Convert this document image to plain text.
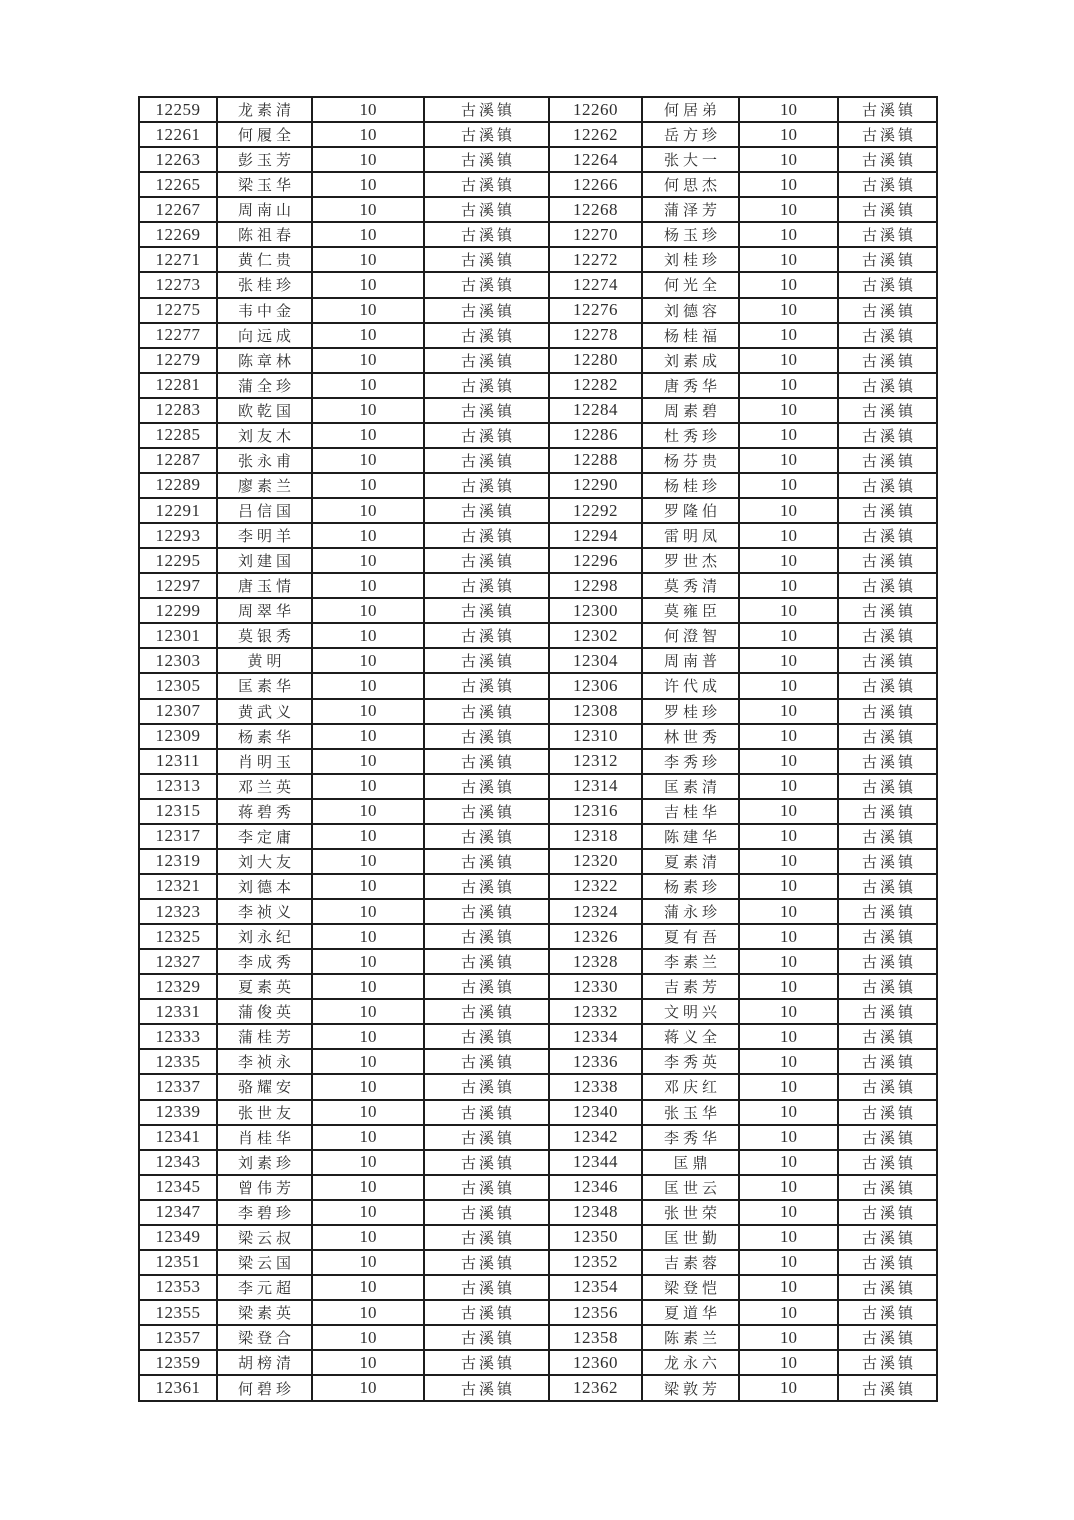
12259	龙素清	10	古溪镇	12260	何居弟	10	古溪镇
12261	何履全	10	古溪镇	12262	岳方珍	10	古溪镇
12263	彭玉芳	10	古溪镇	12264	张大一	10	古溪镇
12265	梁玉华	10	古溪镇	12266	何思杰	10	古溪镇
12267	周南山	10	古溪镇	12268	蒲泽芳	10	古溪镇
12269	陈祖春	10	古溪镇	12270	杨玉珍	10	古溪镇
12271	黄仁贵	10	古溪镇	12272	刘桂珍	10	古溪镇
12273	张桂珍	10	古溪镇	12274	何光全	10	古溪镇
12275	韦中金	10	古溪镇	12276	刘德容	10	古溪镇
12277	向远成	10	古溪镇	12278	杨桂福	10	古溪镇
12279	陈章林	10	古溪镇	12280	刘素成	10	古溪镇
12281	蒲全珍	10	古溪镇	12282	唐秀华	10	古溪镇
12283	欧乾国	10	古溪镇	12284	周素碧	10	古溪镇
12285	刘友木	10	古溪镇	12286	杜秀珍	10	古溪镇
12287	张永甫	10	古溪镇	12288	杨芬贵	10	古溪镇
12289	廖素兰	10	古溪镇	12290	杨桂珍	10	古溪镇
12291	吕信国	10	古溪镇	12292	罗隆伯	10	古溪镇
12293	李明羊	10	古溪镇	12294	雷明凤	10	古溪镇
12295	刘建国	10	古溪镇	12296	罗世杰	10	古溪镇
12297	唐玉情	10	古溪镇	12298	莫秀清	10	古溪镇
12299	周翠华	10	古溪镇	12300	莫雍臣	10	古溪镇
12301	莫银秀	10	古溪镇	12302	何澄智	10	古溪镇
12303	黄明	10	古溪镇	12304	周南普	10	古溪镇
12305	匡素华	10	古溪镇	12306	许代成	10	古溪镇
12307	黄武义	10	古溪镇	12308	罗桂珍	10	古溪镇
12309	杨素华	10	古溪镇	12310	林世秀	10	古溪镇
12311	肖明玉	10	古溪镇	12312	李秀珍	10	古溪镇
12313	邓兰英	10	古溪镇	12314	匡素清	10	古溪镇
12315	蒋碧秀	10	古溪镇	12316	吉桂华	10	古溪镇
12317	李定庸	10	古溪镇	12318	陈建华	10	古溪镇
12319	刘大友	10	古溪镇	12320	夏素清	10	古溪镇
12321	刘德本	10	古溪镇	12322	杨素珍	10	古溪镇
12323	李祯义	10	古溪镇	12324	蒲永珍	10	古溪镇
12325	刘永纪	10	古溪镇	12326	夏有吾	10	古溪镇
12327	李成秀	10	古溪镇	12328	李素兰	10	古溪镇
12329	夏素英	10	古溪镇	12330	吉素芳	10	古溪镇
12331	蒲俊英	10	古溪镇	12332	文明兴	10	古溪镇
12333	蒲桂芳	10	古溪镇	12334	蒋义全	10	古溪镇
12335	李祯永	10	古溪镇	12336	李秀英	10	古溪镇
12337	骆耀安	10	古溪镇	12338	邓庆红	10	古溪镇
12339	张世友	10	古溪镇	12340	张玉华	10	古溪镇
12341	肖桂华	10	古溪镇	12342	李秀华	10	古溪镇
12343	刘素珍	10	古溪镇	12344	匡鼎	10	古溪镇
12345	曾伟芳	10	古溪镇	12346	匡世云	10	古溪镇
12347	李碧珍	10	古溪镇	12348	张世荣	10	古溪镇
12349	梁云叔	10	古溪镇	12350	匡世勤	10	古溪镇
12351	梁云国	10	古溪镇	12352	吉素蓉	10	古溪镇
12353	李元超	10	古溪镇	12354	梁登恺	10	古溪镇
12355	梁素英	10	古溪镇	12356	夏道华	10	古溪镇
12357	梁登合	10	古溪镇	12358	陈素兰	10	古溪镇
12359	胡榜清	10	古溪镇	12360	龙永六	10	古溪镇
12361	何碧珍	10	古溪镇	12362	梁敦芳	10	古溪镇
